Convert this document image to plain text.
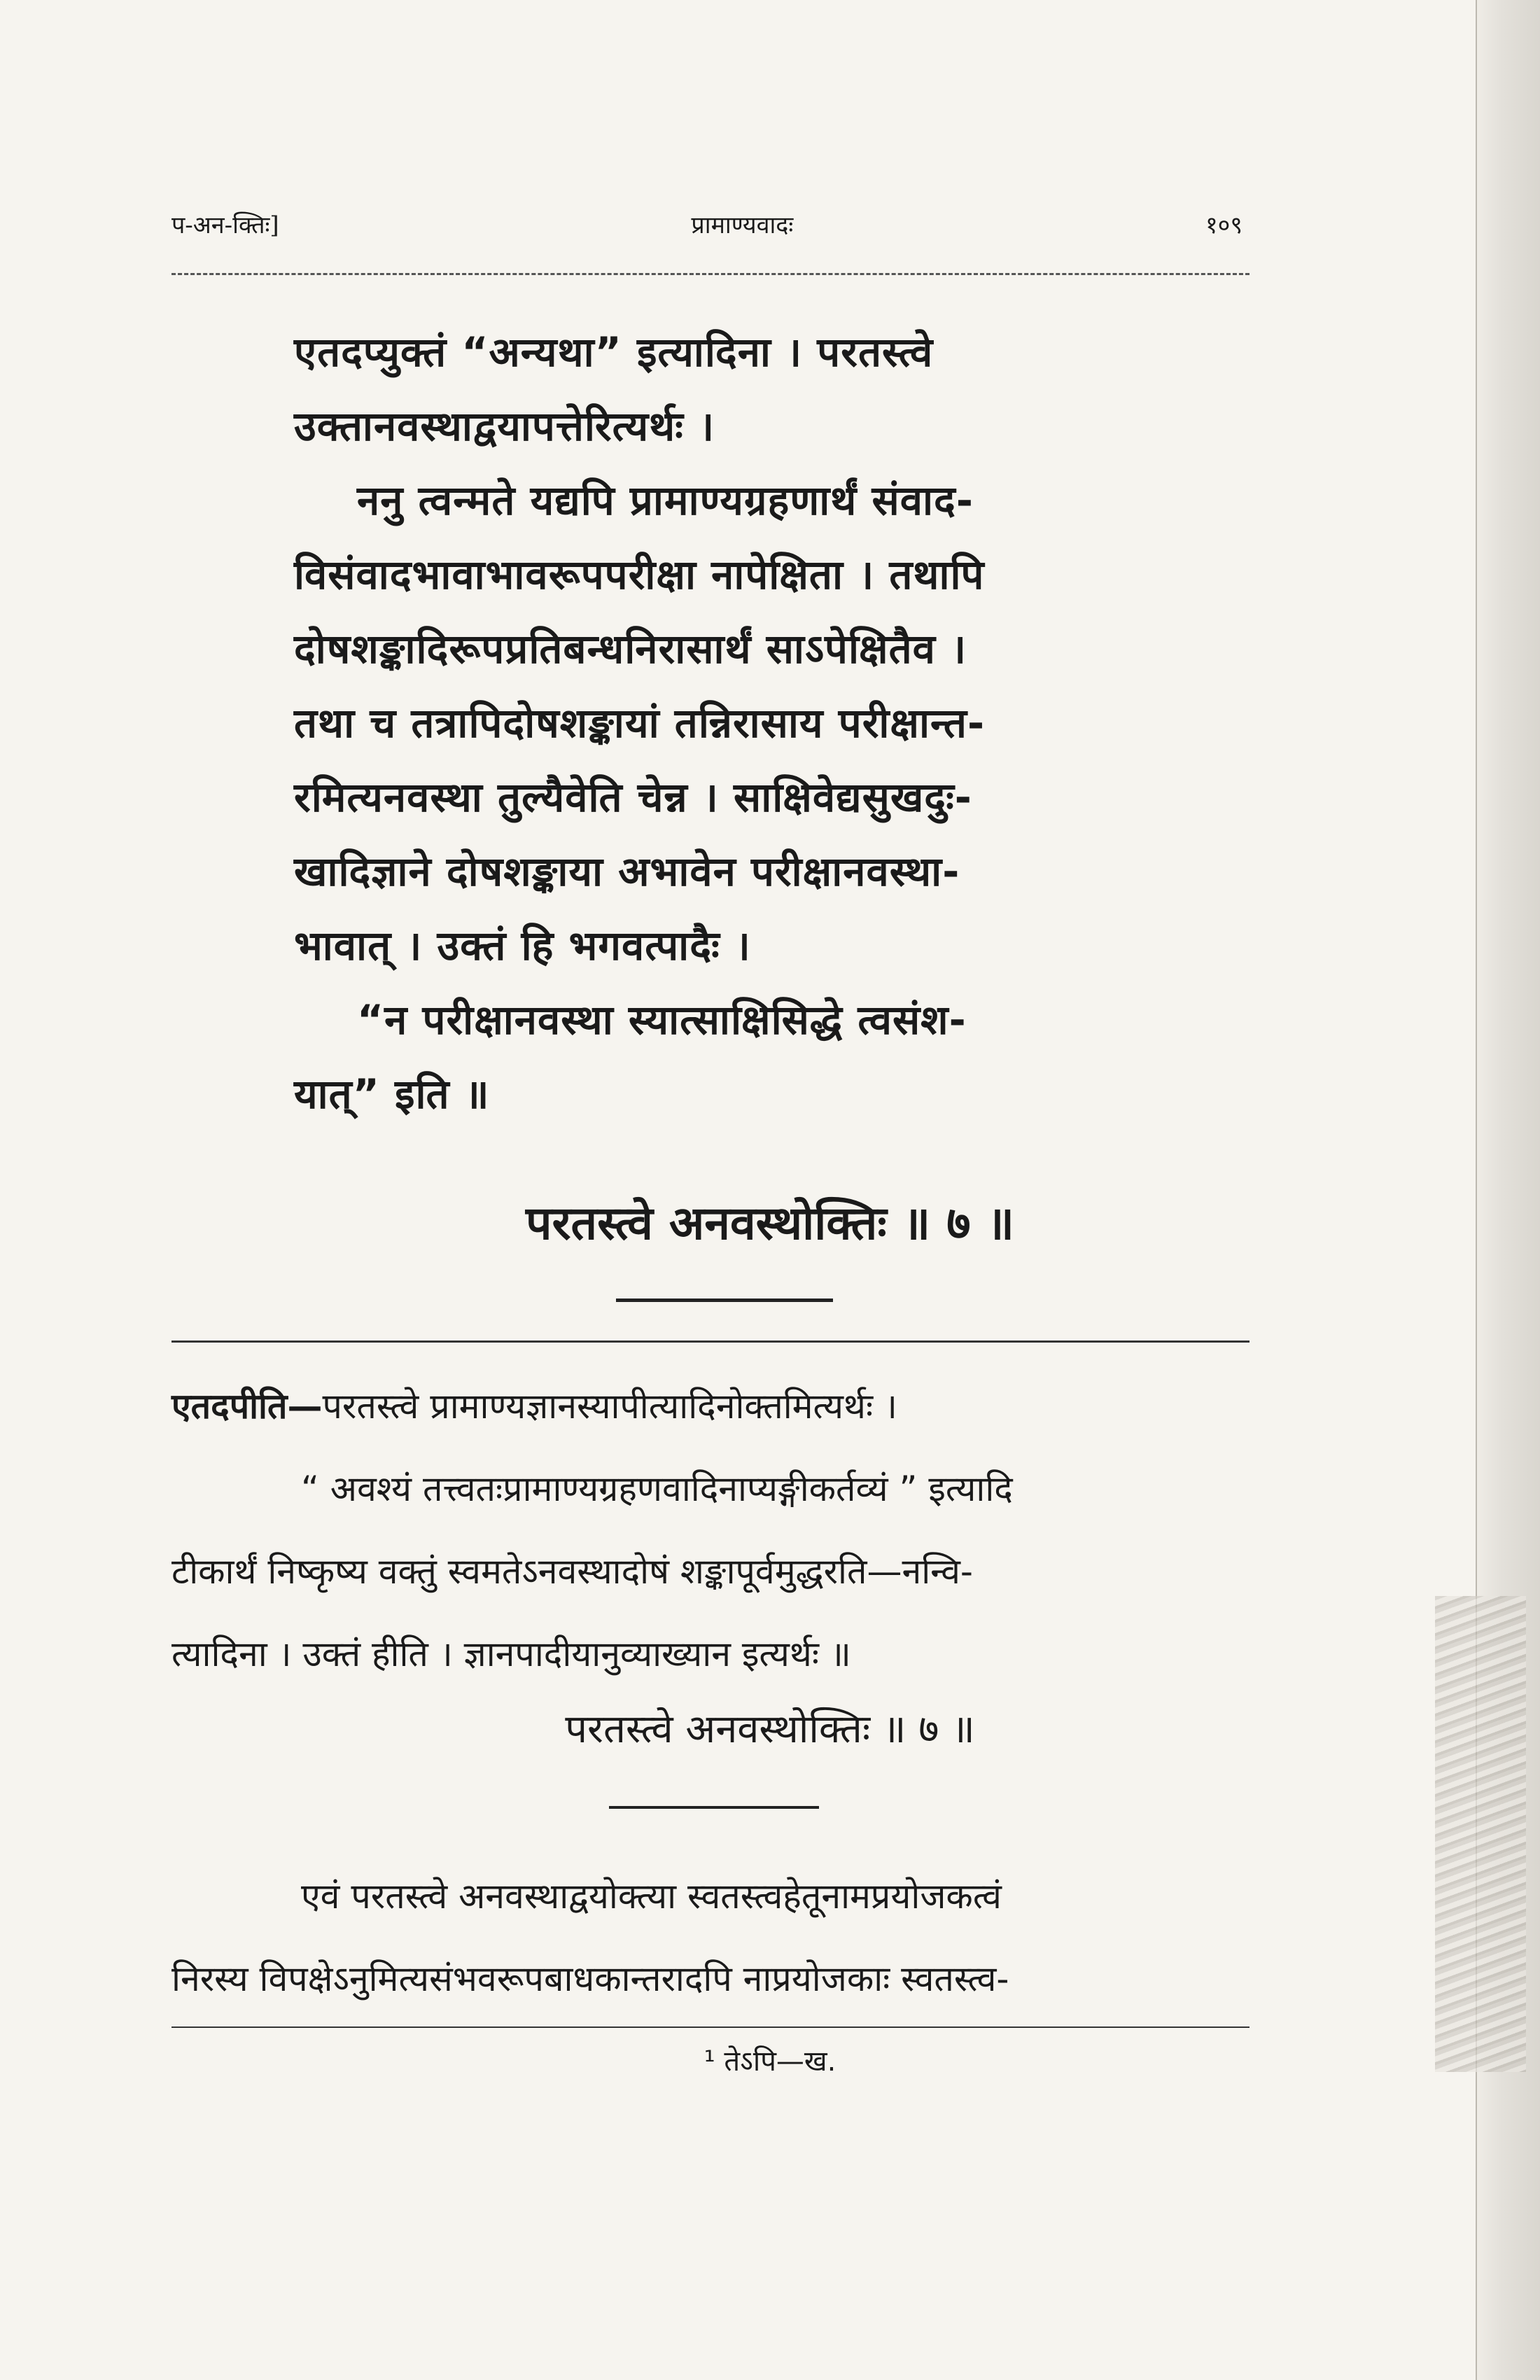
प-अन-क्तिः]	प्रामाण्यवादः	१०९
एतदप्युक्तं “अन्यथा” इत्यादिना । परतस्त्वे
उक्तानवस्थाद्वयापत्तेरित्यर्थः ।
ननु त्वन्मते यद्यपि प्रामाण्यग्रहणार्थं संवाद-
विसंवादभावाभावरूपपरीक्षा नापेक्षिता । तथापि
दोषशङ्कादिरूपप्रतिबन्धनिरासार्थं साऽपेक्षितैव ।
तथा च तत्रापिदोषशङ्कायां तन्निरासाय परीक्षान्त-
रमित्यनवस्था तुल्यैवेति चेन्न । साक्षिवेद्यसुखदुः-
खादिज्ञाने दोषशङ्काया अभावेन परीक्षानवस्था-
भावात् । उक्तं हि भगवत्पादैः ।
“न परीक्षानवस्था स्यात्साक्षिसिद्धे त्वसंश-
यात्” इति ॥
परतस्त्वे अनवस्थोक्तिः ॥ ७ ॥
एतदपीति—परतस्त्वे प्रामाण्यज्ञानस्यापीत्यादिनोक्तमित्यर्थः ।
“ अवश्यं तत्त्वतःप्रामाण्यग्रहणवादिनाप्यङ्गीकर्तव्यं ” इत्यादि
टीकार्थं निष्कृष्य वक्तुं स्वमतेऽनवस्थादोषं शङ्कापूर्वमुद्धरति—नन्वि-
त्यादिना । उक्तं हीति । ज्ञानपादीयानुव्याख्यान इत्यर्थः ॥
परतस्त्वे अनवस्थोक्तिः ॥ ७ ॥
एवं परतस्त्वे अनवस्थाद्वयोक्त्या स्वतस्त्वहेतूनामप्रयोजकत्वं
निरस्य विपक्षेऽनुमित्यसंभवरूपबाधकान्तरादपि नाप्रयोजकाः स्वतस्त्व-
¹ तेऽपि—ख.
